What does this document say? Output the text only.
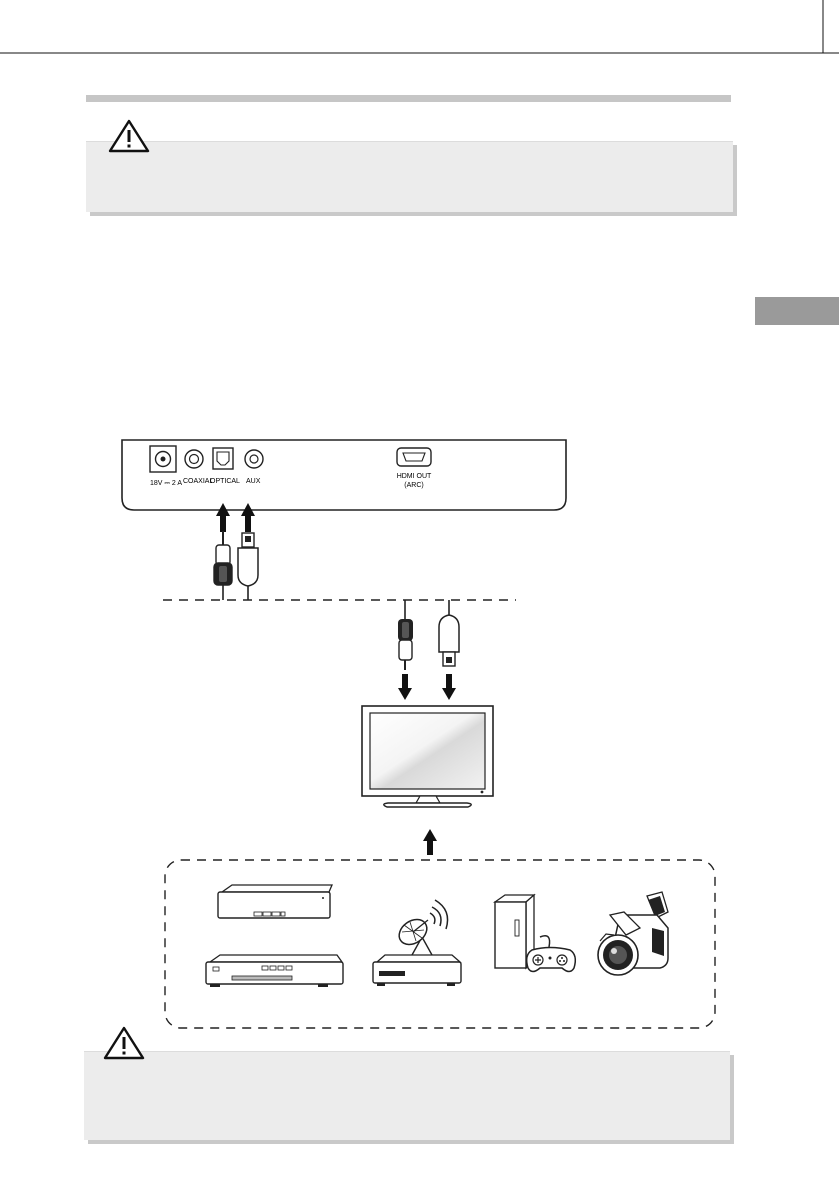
18V ⎓ 2 A COAXIAL
OPTICAL AUX
HDMI OUT
(ARC)
